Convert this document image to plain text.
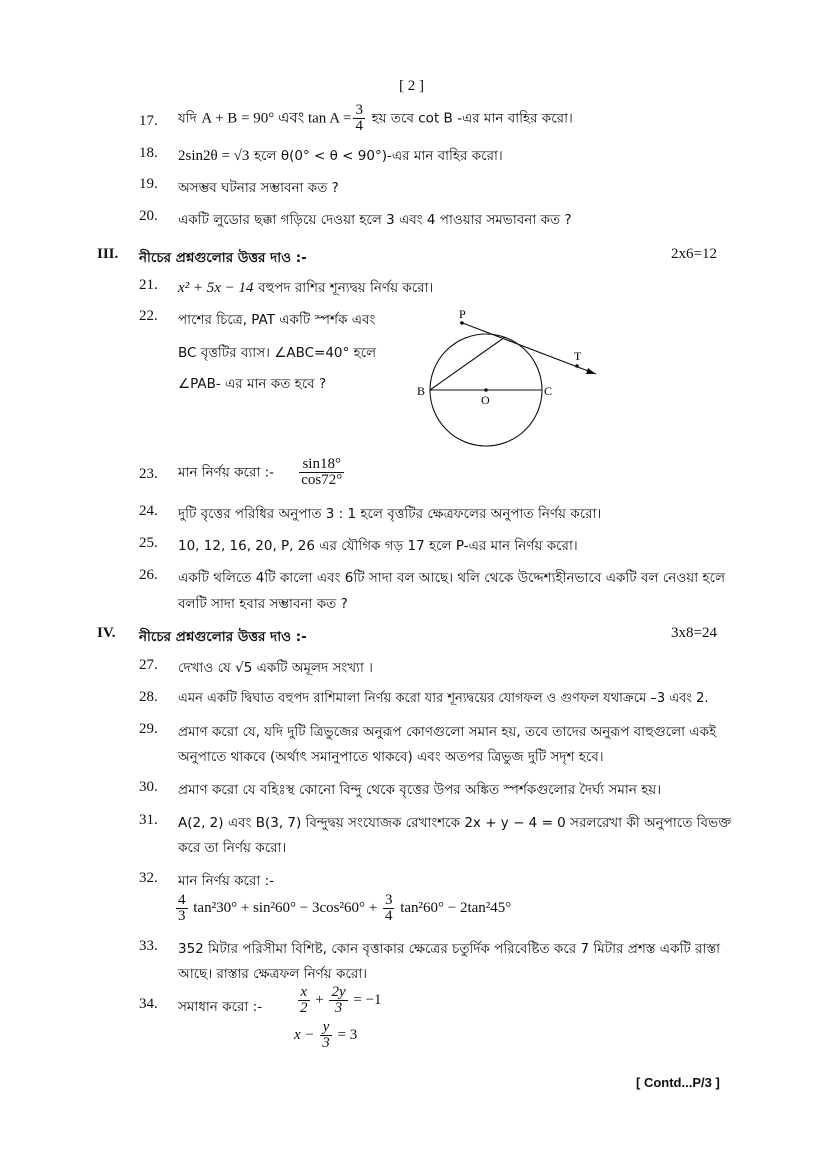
[ 2 ]
17. যদি A + B = 90° এবং $\tan A = \frac{3}{4}$ হয় তবে cot B -এর মান বাহির করো।
18. 2sin2θ = √3 হলে θ(0° < θ < 90°)-এর মান বাহির করো।
19. অসম্ভব ঘটনার সম্ভাবনা কত ?
20. একটি লুডোর ছক্কা গড়িয়ে দেওয়া হলে 3 এবং 4 পাওয়ার সমভাবনা কত ?
III. নীচের প্রশ্নগুলোর উত্তর দাও :-	2x6=12
21. x² + 5x − 14 বহুপদ রাশির শূন্যদ্বয় নির্ণয় করো।
22. পাশের চিত্রে, PAT একটি স্পর্শক এবং
BC বৃত্তটির ব্যাস। ∠ABC=40° হলে
∠PAB- এর মান কত হবে ?
P
T
B	C
O
23. মান নির্ণয় করো :- $\frac{\sin 18^\circ}{\cos 72^\circ}$
24. দুটি বৃত্তের পরিধির অনুপাত 3 : 1 হলে বৃত্তটির ক্ষেত্রফলের অনুপাত নির্ণয় করো।
25. 10, 12, 16, 20, P, 26 এর যৌগিক গড় 17 হলে P-এর মান নির্ণয় করো।
26. একটি থলিতে 4টি কালো এবং 6টি সাদা বল আছে। থলি থেকে উদ্দেশ্যহীনভাবে একটি বল নেওয়া হলে
বলটি সাদা হবার সম্ভাবনা কত ?
IV. নীচের প্রশ্নগুলোর উত্তর দাও :-	3x8=24
27. দেখাও যে √5 একটি অমূলদ সংখ্যা ।
28. এমন একটি দ্বিঘাত বহুপদ রাশিমালা নির্ণয় করো যার শূন্যদ্বয়ের যোগফল ও গুণফল যথাক্রমে –3 এবং 2.
29. প্রমাণ করো যে, যদি দুটি ত্রিভুজের অনুরূপ কোণগুলো সমান হয়, তবে তাদের অনুরূপ বাহুগুলো একই
অনুপাতে থাকবে (অর্থাৎ সমানুপাতে থাকবে) এবং অতপর ত্রিভুজ দুটি সদৃশ হবে।
30. প্রমাণ করো যে বহিঃস্থ কোনো বিন্দু থেকে বৃত্তের উপর অঙ্কিত স্পর্শকগুলোর দৈর্ঘ্য সমান হয়।
31. A(2, 2) এবং B(3, 7) বিন্দুদ্বয় সংযোজক রেখাংশকে 2x + y − 4 = 0 সরলরেখা কী অনুপাতে বিভক্ত
করে তা নির্ণয় করো।
32. মান নির্ণয় করো :-
$\frac{4}{3} \tan^230^\circ + \sin^260^\circ - 3\cos^260^\circ + \frac{3}{4} \tan^260^\circ - 2\tan^245^\circ$
33. 352 মিটার পরিসীমা বিশিষ্ট, কোন বৃত্তাকার ক্ষেত্রের চতুর্দিক পরিবেষ্টিত করে 7 মিটার প্রশস্ত একটি রাস্তা
আছে। রাস্তার ক্ষেত্রফল নির্ণয় করো।
34. সমাধান করো :- $\frac{x}{2} + \frac{2y}{3} = -1$
$x - \frac{y}{3} = 3$
[ Contd...P/3 ]
